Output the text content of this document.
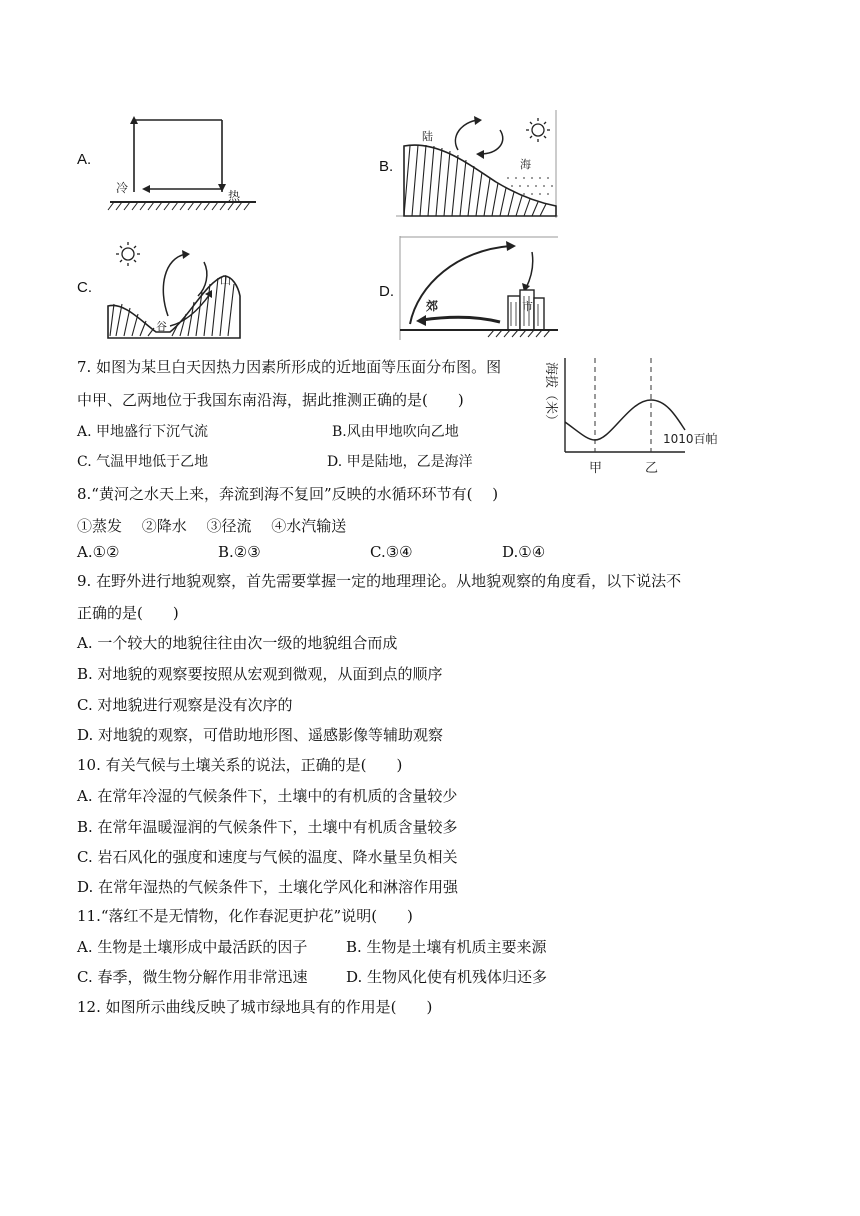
A.
冷
热
B.
陆
海
C.	山
谷
D.
郊	市
7. 如图为某旦白天因热力因素所形成的近地面等压面分布图。图
中甲、乙两地位于我国东南沿海，据此推测正确的是(　　)
A. 甲地盛行下沉气流	B.风由甲地吹向乙地
C. 气温甲地低于乙地	D. 甲是陆地，乙是海洋
海拔（米）
1010百帕
甲	乙
8.“黄河之水天上来，奔流到海不复回”反映的水循环环节有(　 )
①蒸发　 ②降水　 ③径流　 ④水汽输送
A.①②	B.②③	C.③④	D.①④
9. 在野外进行地貌观察，首先需要掌握一定的地理理论。从地貌观察的角度看，以下说法不
正确的是(　　)
A. 一个较大的地貌往往由次一级的地貌组合而成
B. 对地貌的观察要按照从宏观到微观，从面到点的顺序
C. 对地貌进行观察是没有次序的
D. 对地貌的观察，可借助地形图、遥感影像等辅助观察
10. 有关气候与土壤关系的说法，正确的是(　　)
A. 在常年冷湿的气候条件下，土壤中的有机质的含量较少
B. 在常年温暖湿润的气候条件下，土壤中有机质含量较多
C. 岩石风化的强度和速度与气候的温度、降水量呈负相关
D. 在常年湿热的气候条件下，土壤化学风化和淋溶作用强
11.“落红不是无情物，化作春泥更护花”说明(　　)
A. 生物是土壤形成中最活跃的因子	B. 生物是土壤有机质主要来源
C. 春季，微生物分解作用非常迅速	D. 生物风化使有机残体归还多
12. 如图所示曲线反映了城市绿地具有的作用是(　　)
